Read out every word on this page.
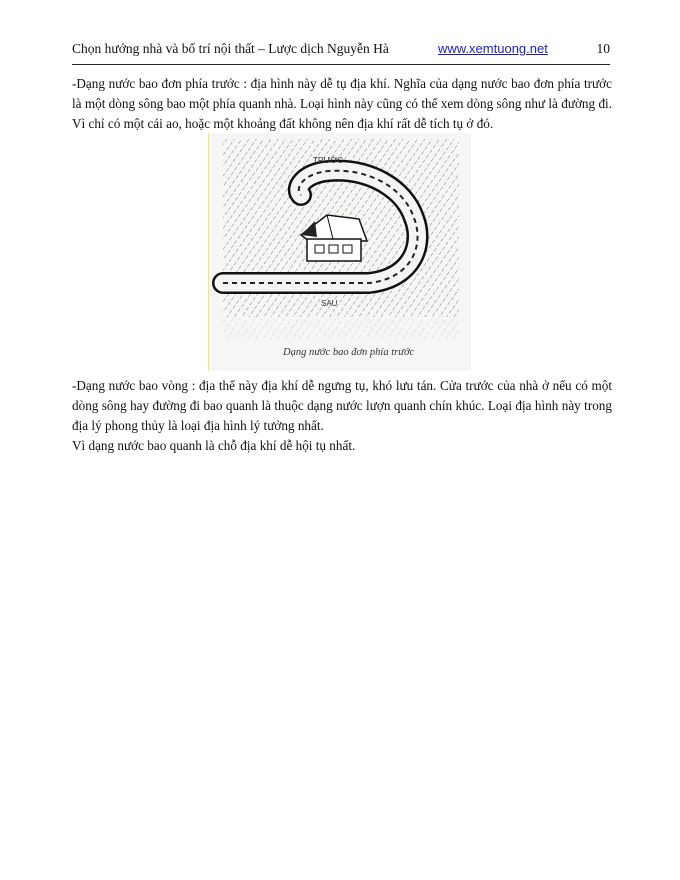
Chọn hướng nhà và bố trí nội thất – Lược dịch Nguyễn Hà	www.xemtuong.net	10

-Dạng nước bao đơn phía trước : địa hình này dễ tụ địa khí. Nghĩa của dạng nước bao đơn phía trước là một dòng sông bao một phía quanh nhà. Loại hình này cũng có thể xem dòng sông như là đường đi. Vì chỉ có một cái ao, hoặc một khoảng đất không nên địa khí rất dễ tích tụ ở đó.

TRƯỚC
SAU
Dạng nước bao đơn phía trước

-Dạng nước bao vòng : địa thế này địa khí dễ ngưng tụ, khó lưu tán. Cửa trước của nhà ở nếu có một dòng sông hay đường đi bao quanh là thuộc dạng nước lượn quanh chín khúc. Loại địa hình này trong địa lý phong thủy là loại địa hình lý tưởng nhất.

Vì dạng nước bao quanh là chỗ địa khí dễ hội tụ nhất.
